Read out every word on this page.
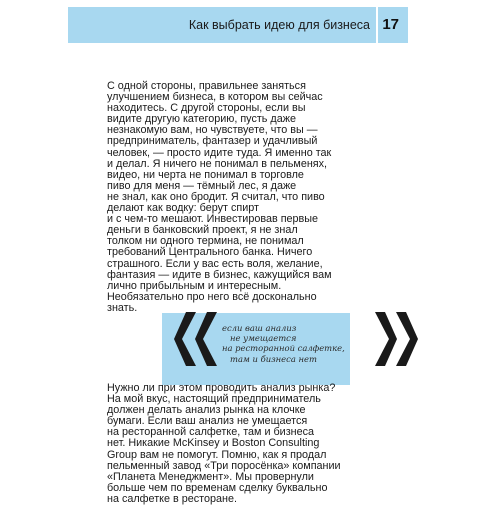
Как выбрать идею для бизнеса 17
С одной стороны, правильнее заняться
улучшением бизнеса, в котором вы сейчас
находитесь. С другой стороны, если вы
видите другую категорию, пусть даже
незнакомую вам, но чувствуете, что вы —
предприниматель, фантазер и удачливый
человек, — просто идите туда. Я именно так
и делал. Я ничего не понимал в пельменях,
видео, ни черта не понимал в торговле
пиво для меня — тёмный лес, я даже
не знал, как оно бродит. Я считал, что пиво
делают как водку: берут спирт
и с чем-то мешают. Инвестировав первые
деньги в банковский проект, я не знал
толком ни одного термина, не понимал
требований Центрального банка. Ничего
страшного. Если у вас есть воля, желание,
фантазия — идите в бизнес, кажущийся вам
лично прибыльным и интересным.
Необязательно про него всё досконально
знать.
если ваш анализ
не умещается
на ресторанной салфетке,
там и бизнеса нет
Нужно ли при этом проводить анализ рынка?
На мой вкус, настоящий предприниматель
должен делать анализ рынка на клочке
бумаги. Если ваш анализ не умещается
на ресторанной салфетке, там и бизнеса
нет. Никакие McKinsey и Boston Consulting
Group вам не помогут. Помню, как я продал
пельменный завод «Три поросёнка» компании
«Планета Менеджмент». Мы провернули
больше чем по временам сделку буквально
на салфетке в ресторане.
